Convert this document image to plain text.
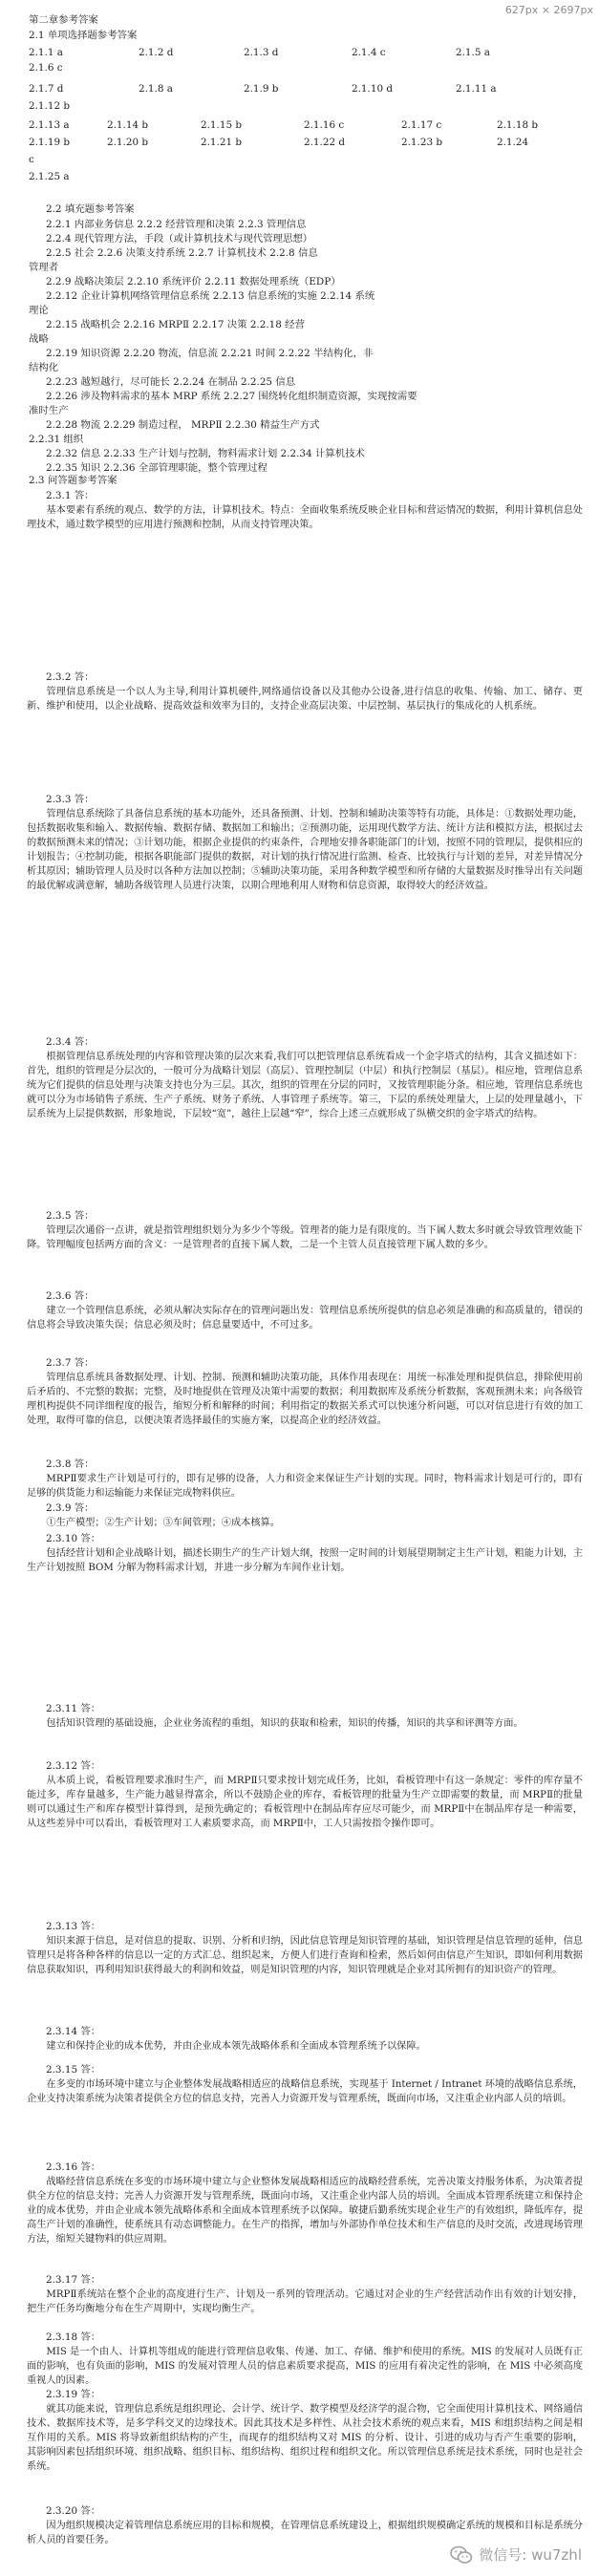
627px × 2697px
第二章参考答案
2.1 单项选择题参考答案
2.1.1 a	2.1.2 d	2.1.3 d	2.1.4 c	2.1.5 a
2.1.6 c
2.1.7 d	2.1.8 a	2.1.9 b	2.1.10 d	2.1.11 a
2.1.12 b
2.1.13 a	2.1.14 b	2.1.15 b	2.1.16 c	2.1.17 c	2.1.18 b
2.1.19 b	2.1.20 b	2.1.21 b	2.1.22 d	2.1.23 b	2.1.24
c
2.1.25 a
2.2 填充题参考答案
2.2.1 内部业务信息 2.2.2 经营管理和决策 2.2.3 管理信息
2.2.4 现代管理方法，手段（或计算机技术与现代管理思想）
2.2.5 社会 2.2.6 决策支持系统 2.2.7 计算机技术 2.2.8 信息
管理者
2.2.9 战略决策层 2.2.10 系统评价 2.2.11 数据处理系统（EDP）
2.2.12 企业计算机网络管理信息系统 2.2.13 信息系统的实施 2.2.14 系统
理论
2.2.15 战略机会 2.2.16 MRPⅡ 2.2.17 决策 2.2.18 经营
战略
2.2.19 知识资源 2.2.20 物流，信息流 2.2.21 时间 2.2.22 半结构化，非
结构化
2.2.23 越短越行，尽可能长 2.2.24 在制品 2.2.25 信息
2.2.26 涉及物料需求的基本 MRP 系统 2.2.27 围绕转化组织制造资源，实现按需要
准时生产
2.2.28 物流 2.2.29 制造过程， MRPⅡ 2.2.30 精益生产方式
2.2.31 组织
2.2.32 信息 2.2.33 生产计划与控制，物料需求计划 2.2.34 计算机技术
2.2.35 知识 2.2.36 全部管理职能，整个管理过程
2.3 问答题参考答案
2.3.1 答：
基本要素有系统的观点、数学的方法，计算机技术。特点：全面收集系统反映企业目标和营运情况的数据，利用计算机信息处理技术，通过数学模型的应用进行预测和控制，从而支持管理决策。
2.3.2 答：
管理信息系统是一个以人为主导,利用计算机硬件,网络通信设备以及其他办公设备,进行信息的收集、传输、加工、储存、更新、维护和使用，以企业战略、提高效益和效率为目的，支持企业高层决策、中层控制、基层执行的集成化的人机系统。
2.3.3 答：
管理信息系统除了具备信息系统的基本功能外，还具备预测、计划、控制和辅助决策等特有功能，具体是：①数据处理功能，包括数据收集和输入、数据传输、数据存储、数据加工和输出；②预测功能，运用现代数学方法、统计方法和模拟方法，根据过去的数据预测未来的情况；③计划功能，根据企业提供的约束条件，合理地安排各职能部门的计划，按照不同的管理层，提供相应的计划报告；④控制功能，根据各职能部门提供的数据，对计划的执行情况进行监测、检查、比较执行与计划的差异，对差异情况分析其原因；辅助管理人员及时以各种方法加以控制；⑤辅助决策功能，采用各种数学模型和所存储的大量数据及时推导出有关问题的最优解或满意解，辅助各级管理人员进行决策，以期合理地利用人财物和信息资源，取得较大的经济效益。
2.3.4 答：
根据管理信息系统处理的内容和管理决策的层次来看,我们可以把管理信息系统看成一个金字塔式的结构，其含义描述如下：首先，组织的管理是分层次的，一般可分为战略计划层（高层）、管理控制层（中层）和执行控制层（基层）。相应地，管理信息系统为它们提供的信息处理与决策支持也分为三层。其次，组织的管理在分层的同时，又按管理职能分条。相应地，管理信息系统也就可以分为市场销售子系统、生产子系统、财务子系统、人事管理子系统等。第三，下层的系统处理量大，上层的处理量越小，下层系统为上层提供数据，形象地说，下层较“宽”，越往上层越“窄”，综合上述三点就形成了纵横交织的金字塔式的结构。
2.3.5 答：
管理层次通俗一点讲，就是指管理组织划分为多少个等级。管理者的能力是有限度的。当下属人数太多时就会导致管理效能下降。管理幅度包括两方面的含义：一是管理者的直接下属人数，二是一个主管人员直接管理下属人数的多少。
2.3.6 答：
建立一个管理信息系统，必须从解决实际存在的管理问题出发：管理信息系统所提供的信息必须是准确的和高质量的，错误的信息将会导致决策失误；信息必须及时；信息量要适中，不可过多。
2.3.7 答：
管理信息系统具备数据处理、计划、控制、预测和辅助决策功能，具体作用表现在：用统一标准处理和提供信息，排除使用前后矛盾的、不完整的数据；完整，及时地提供在管理及决策中需要的数据；利用数据库及系统分析数据，客观预测未来；向各级管理机构提供不同详细程度的报告，缩短分析和解释的时间；利用指定的数据关系式可以快速分析问题，可以对信息进行有效的加工处理，取得可靠的信息，以便决策者选择最佳的实施方案，以提高企业的经济效益。
2.3.8 答：
MRPⅡ要求生产计划是可行的，即有足够的设备，人力和资金来保证生产计划的实现。同时，物料需求计划是可行的，即有足够的供货能力和运输能力来保证完成物料供应。
2.3.9 答：
①生产模型；②生产计划；③车间管理；④成本核算。
2.3.10 答：
包括经营计划和企业战略计划，描述长期生产的生产计划大纲，按照一定时间的计划展望期制定主生产计划，粗能力计划，主生产计划按照 BOM 分解为物料需求计划，并进一步分解为车间作业计划。
2.3.11 答：
包括知识管理的基础设施，企业业务流程的重组，知识的获取和检索，知识的传播，知识的共享和评测等方面。
2.3.12 答：
从本质上说，看板管理要求准时生产，而 MRPⅡ只要求按计划完成任务，比如，看板管理中有这一条规定：零件的库存量不能过多，库存量越多，生产能力越显得富余，所以不鼓励企业的库存，看板管理的批量为生产立即需要的数量，而 MRPⅡ的批量则可以通过生产和库存模型计算得到，是预先确定的；看板管理中在制品库存应尽可能少，而 MRPⅡ中在制品库存是一种需要，从这些差异中可以看出，看板管理对工人素质要求高，而 MRPⅡ中，工人只需按指令操作即可。
2.3.13 答：
知识来源于信息，是对信息的提取、识别、分析和归纳，因此信息管理是知识管理的基础，知识管理是信息管理的延伸，信息管理只是将各种各样的信息以一定的方式汇总、组织起来，方便人们进行查询和检索，然后如何由信息产生知识，即如何利用数据信息获取知识，再利用知识获得最大的利润和效益，则是知识管理的内容，知识管理就是企业对其所拥有的知识资产的管理。
2.3.14 答：
建立和保持企业的成本优势，并由企业成本领先战略体系和全面成本管理系统予以保障。
2.3.15 答：
在多变的市场环境中建立与企业整体发展战略相适应的战略信息系统，实现基于 Internet / Intranet 环境的战略信息系统，企业支持决策系统为决策者提供全方位的信息支持，完善人力资源开发与管理系统，既面向市场，又注重企业内部人员的培训。
2.3.16 答：
战略经营信息系统在多变的市场环境中建立与企业整体发展战略相适应的战略经营系统，完善决策支持服务体系，为决策者提供全方位的信息支持；完善人力资源开发与管理系统，既面向市场，又注重企业内部人员的培训。全面成本管理系统建立和保持企业的成本优势，并由企业成本领先战略体系和全面成本管理系统予以保障。敏捷后勤系统实现企业生产的有效组织，降低库存，提高生产计划的准确性，使系统具有动态调整能力。在生产的指挥，增加与外部协作单位技术和生产信息的及时交流，改进现场管理方法，缩短关键物料的供应周期。
2.3.17 答：
MRPⅡ系统站在整个企业的高度进行生产、计划及一系列的管理活动。它通过对企业的生产经营活动作出有效的计划安排，把生产任务均衡地分布在生产周期中，实现均衡生产。
2.3.18 答：
MIS 是一个由人、计算机等组成的能进行管理信息收集、传递、加工、存储、维护和使用的系统。MIS 的发展对人员既有正面的影响，也有负面的影响，MIS 的发展对管理人员的信息素质要求提高，MIS 的应用有着决定性的影响，在 MIS 中必须高度重视人的因素。
2.3.19 答：
就其功能来说，管理信息系统是组织理论、会计学、统计学、数学模型及经济学的混合物，它全面使用计算机技术、网络通信技术、数据库技术等，是多学科交叉的边缘技术。因此其技术是多样性、从社会技术系统的观点来看，MIS 和组织结构之间是相互作用的关系。MIS 将导致新组织结构的产生，而现存的组织结构又对 MIS 的分析、设计、引进的成功与否产生重要的影响，其影响因素包括组织环境、组织战略、组织目标、组织结构、组织过程和组织文化。所以管理信息系统是技术系统，同时也是社会系统。
2.3.20 答：
因为组织规模决定着管理信息系统应用的目标和规模，在管理信息系统建设上，根据组织规模确定系统的规模和目标是系统分析人员的首要任务。
微信号: wu7zhl
